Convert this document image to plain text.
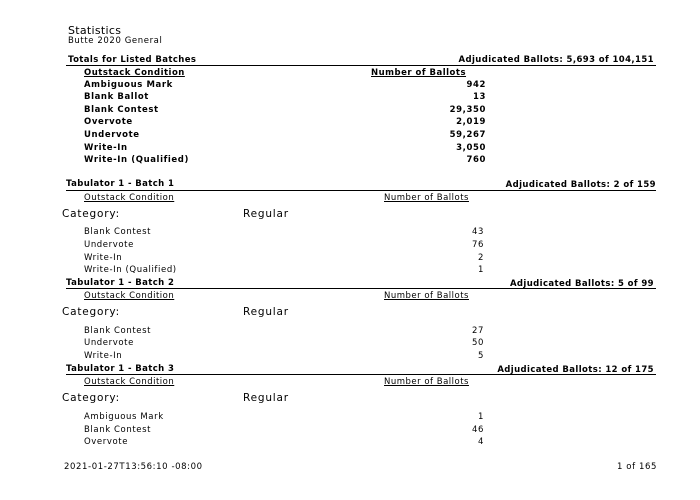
Statistics
Butte 2020 General
Totals for Listed Batches	Adjudicated Ballots: 5,693 of 104,151
Outstack Condition	Number of Ballots
Ambiguous Mark	942
Blank Ballot	13
Blank Contest	29,350
Overvote	2,019
Undervote	59,267
Write-In	3,050
Write-In (Qualified)	760
Tabulator 1 - Batch 1	Adjudicated Ballots: 2 of 159
Outstack Condition	Number of Ballots
Category:	Regular
Blank Contest	43
Undervote	76
Write-In	2
Write-In (Qualified)	1
Tabulator 1 - Batch 2	Adjudicated Ballots: 5 of 99
Outstack Condition	Number of Ballots
Category:	Regular
Blank Contest	27
Undervote	50
Write-In	5
Tabulator 1 - Batch 3	Adjudicated Ballots: 12 of 175
Outstack Condition	Number of Ballots
Category:	Regular
Ambiguous Mark	1
Blank Contest	46
Overvote	4
2021-01-27T13:56:10 -08:00	1 of 165
